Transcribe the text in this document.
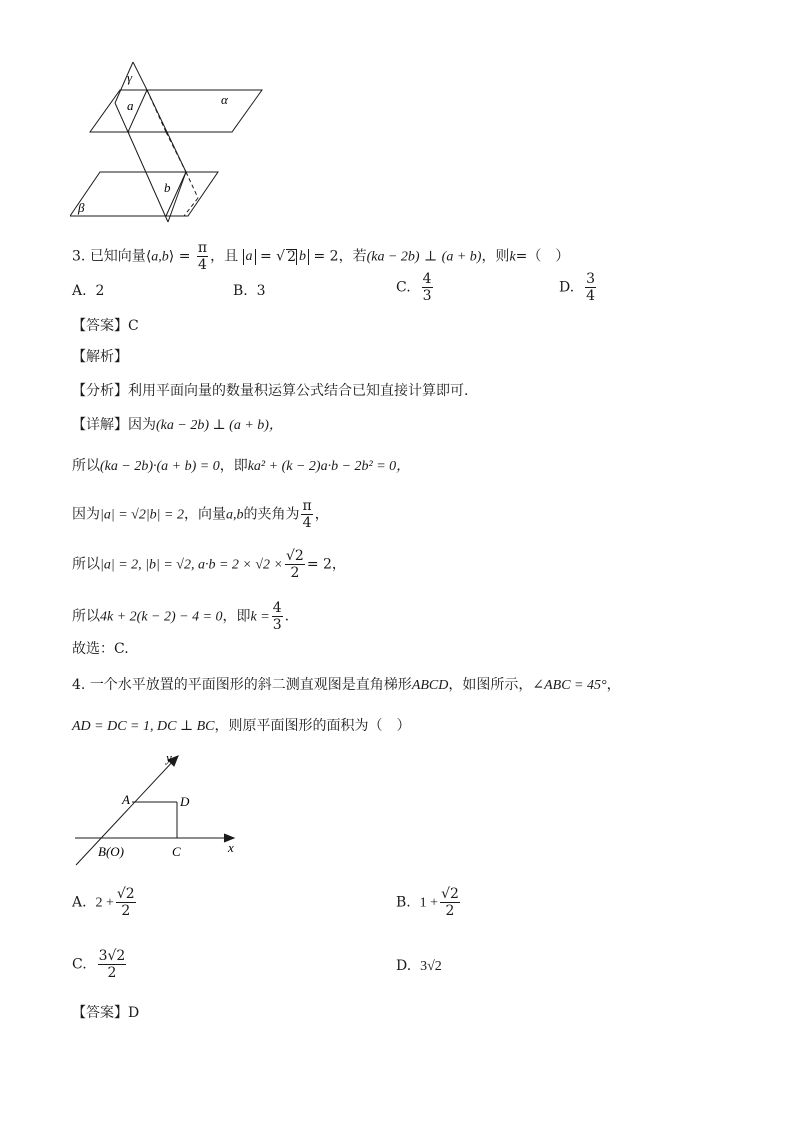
γ
α
a
b
β
3. 已知向量⟨a,b⟩ = $\frac{\pi}{4}$ ，且 a = √ 2 b = 2，若(ka − 2b) ⊥ (a + b)，则k=（　）
A. 2	B. 3	C. $\frac{4}{3}$	D. $\frac{3}{4}$
【答案】C
【解析】
【分析】利用平面向量的数量积运算公式结合已知直接计算即可.
【详解】因为(ka − 2b) ⊥ (a + b)，
所以(ka − 2b)·(a + b) = 0，即ka² + (k − 2)a·b − 2b² = 0，
因为|a| = √2|b| = 2，向量a,b的夹角为 $\frac{\pi}{4}$ ，
所以|a| = 2, |b| = √2, $a\cdot b = 2 \times √2 \times \frac{√2}{2} = 2$，
所以4k + 2(k − 2) − 4 = 0，即$k = \frac{4}{3}$ .
故选：C.
4. 一个水平放置的平面图形的斜二测直观图是直角梯形ABCD，如图所示，∠ABC = 45°，
AD = DC = 1, DC ⊥ BC，则原平面图形的面积为（　）
y
x
A	D
B(O)	C
A. $2 + \frac{√2}{2}$	B. $1 + \frac{√2}{2}$
C. $\frac{3√2}{2}$	D. 3√2
【答案】D
